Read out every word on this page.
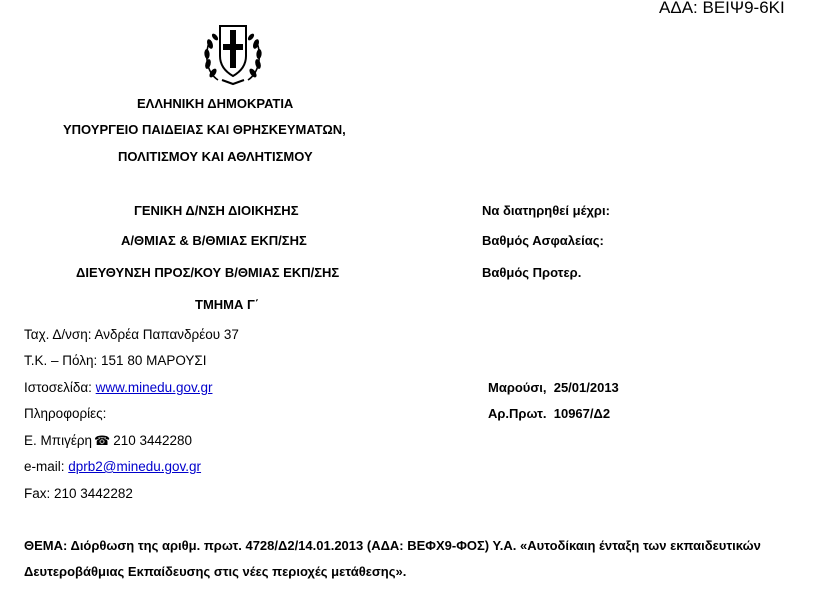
ΑΔΑ: ΒΕΙΨ9-6ΚΙ
ΕΛΛΗΝΙΚΗ ΔΗΜΟΚΡΑΤΙΑ
ΥΠΟΥΡΓΕΙΟ ΠΑΙΔΕΙΑΣ ΚΑΙ ΘΡΗΣΚΕΥΜΑΤΩΝ,
ΠΟΛΙΤΙΣΜΟΥ ΚΑΙ ΑΘΛΗΤΙΣΜΟΥ
ΓΕΝΙΚΗ Δ/ΝΣΗ ΔΙΟΙΚΗΣΗΣ
Α/ΘΜΙΑΣ & Β/ΘΜΙΑΣ ΕΚΠ/ΣΗΣ
ΔΙΕΥΘΥΝΣΗ ΠΡΟΣ/ΚΟΥ Β/ΘΜΙΑΣ ΕΚΠ/ΣΗΣ
ΤΜΗΜΑ Γ΄
Να διατηρηθεί μέχρι:
Βαθμός Ασφαλείας:
Βαθμός Προτερ.
Ταχ. Δ/νση: Ανδρέα Παπανδρέου 37
Τ.Κ. – Πόλη: 151 80 ΜΑΡΟΥΣΙ
Ιστοσελίδα: www.minedu.gov.gr
Πληροφορίες:
Ε. Μπιγέρη ☎ 210 3442280
e-mail: dprb2@minedu.gov.gr
Fax: 210 3442282
Μαρούσι,  25/01/2013
Αρ.Πρωτ.  10967/Δ2
ΘΕΜΑ: Διόρθωση της αριθμ. πρωτ. 4728/Δ2/14.01.2013 (ΑΔΑ: ΒΕΦΧ9-ΦΟΣ) Υ.Α. «Αυτοδίκαιη ένταξη των εκπαιδευτικών Δευτεροβάθμιας Εκπαίδευσης στις νέες περιοχές μετάθεσης».
